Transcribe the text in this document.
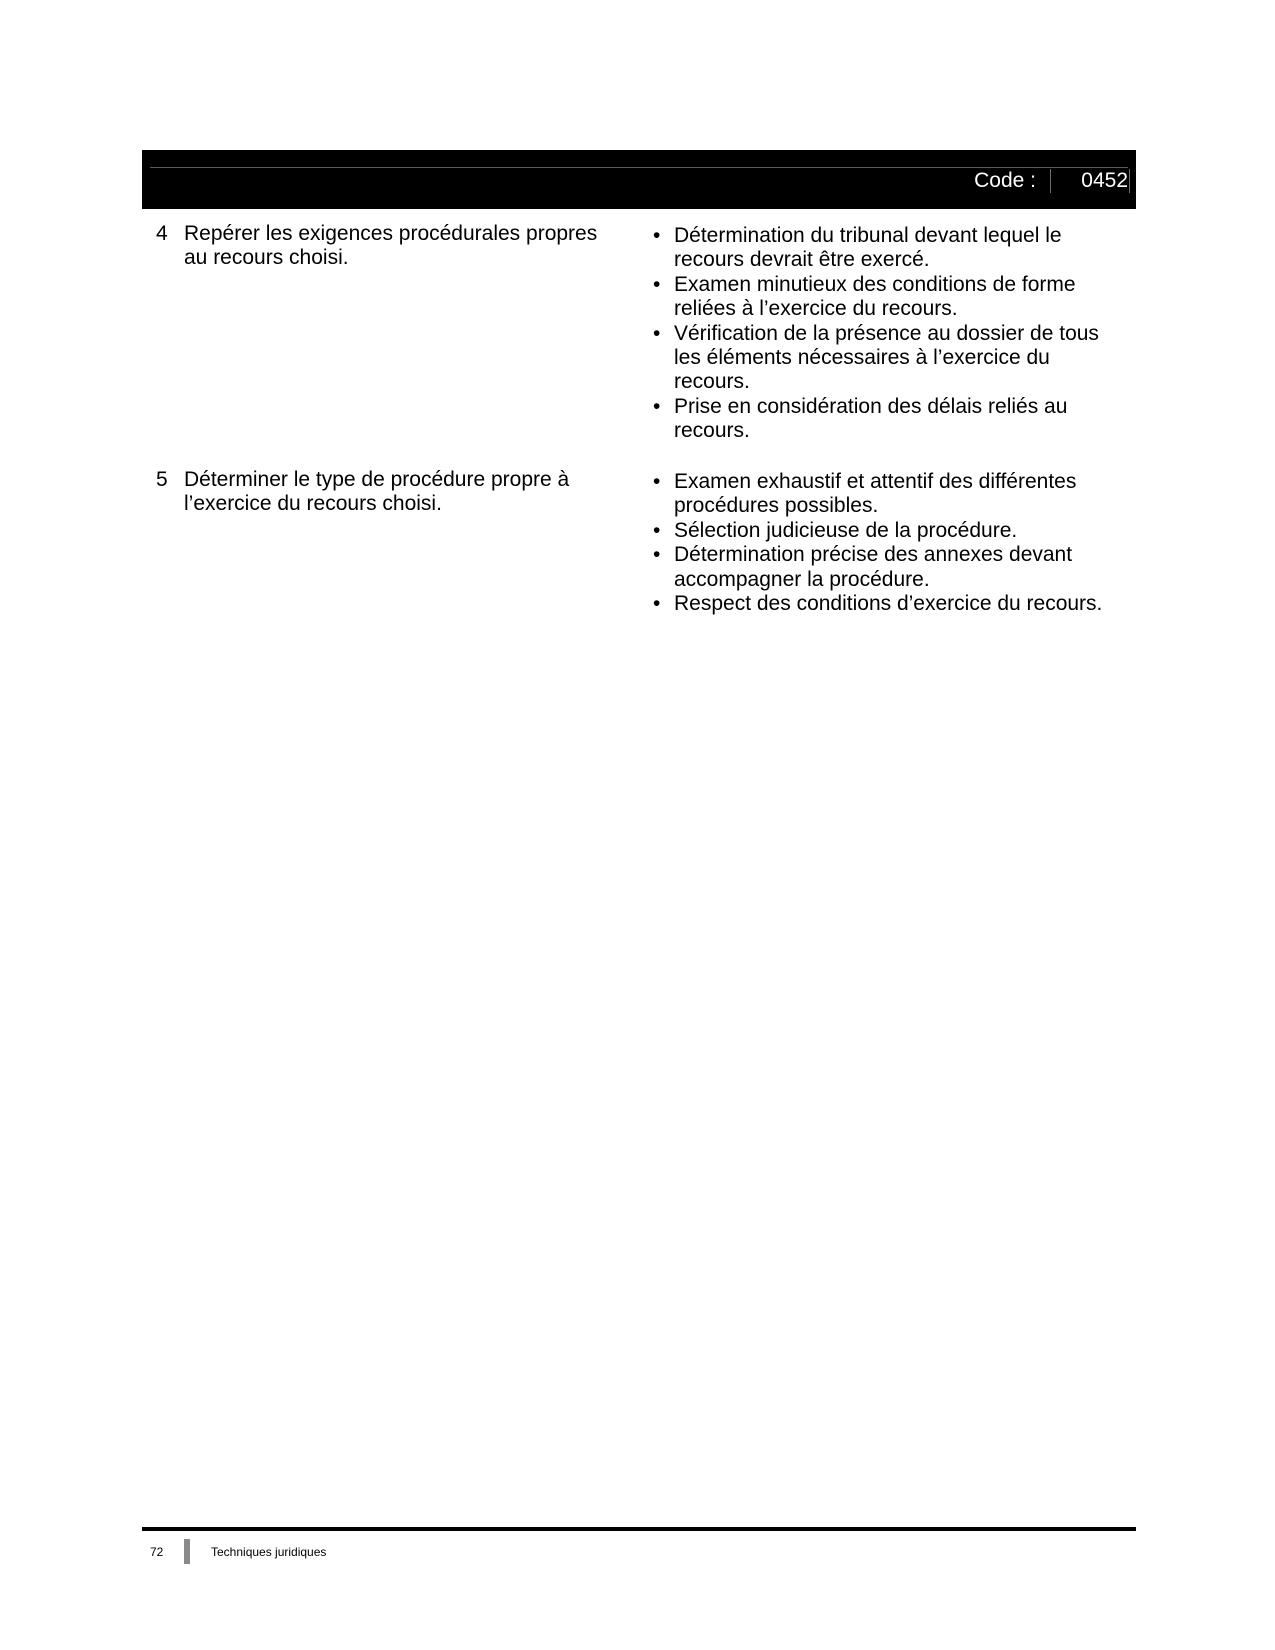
Code : 0452
4 Repérer les exigences procédurales propres au recours choisi.
• Détermination du tribunal devant lequel le recours devrait être exercé.
• Examen minutieux des conditions de forme reliées à l’exercice du recours.
• Vérification de la présence au dossier de tous les éléments nécessaires à l’exercice du recours.
• Prise en considération des délais reliés au recours.
5 Déterminer le type de procédure propre à l’exercice du recours choisi.
• Examen exhaustif et attentif des différentes procédures possibles.
• Sélection judicieuse de la procédure.
• Détermination précise des annexes devant accompagner la procédure.
• Respect des conditions d’exercice du recours.
72	Techniques juridiques
